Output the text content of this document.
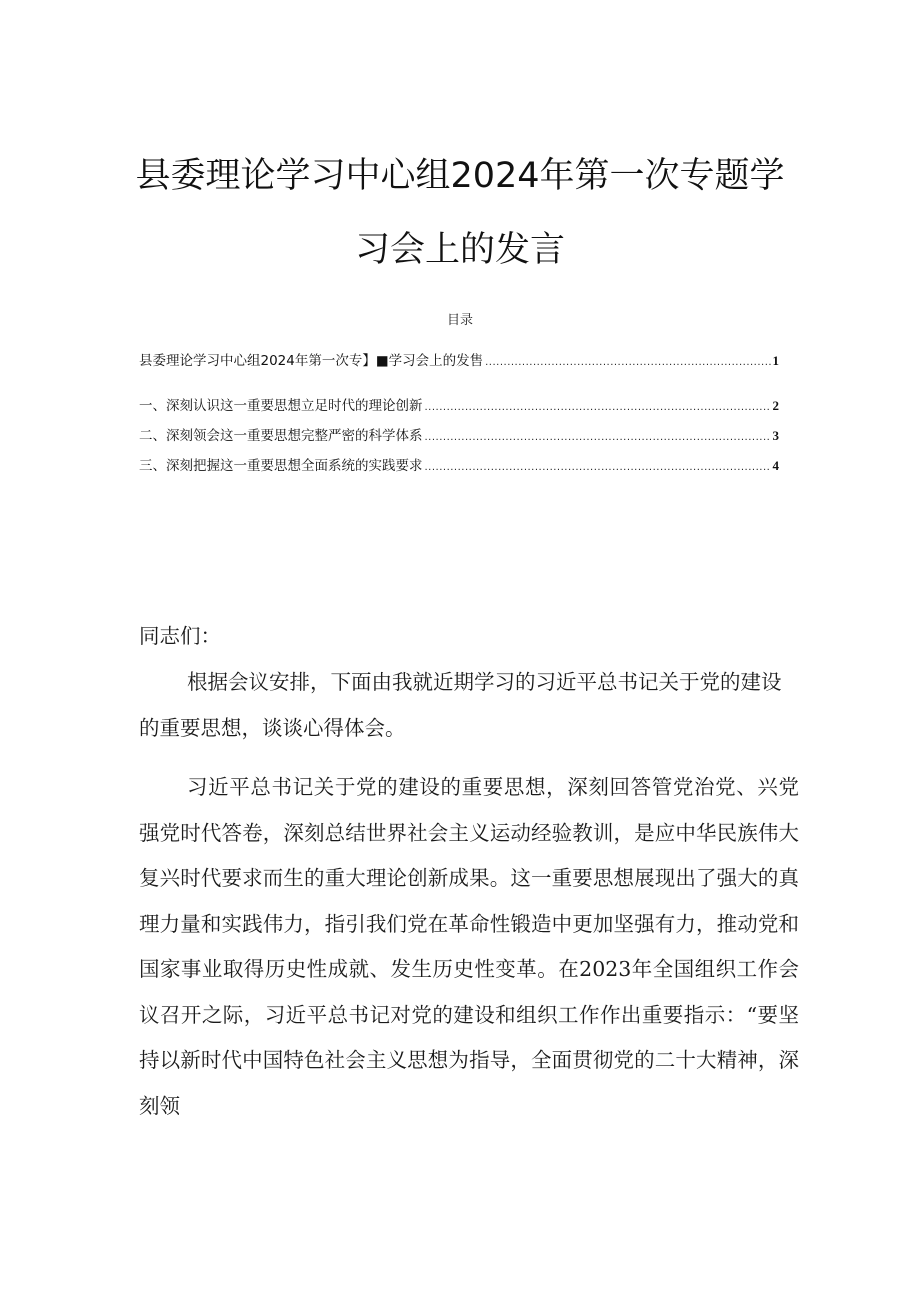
县委理论学习中心组2024年第一次专题学
习会上的发言
目录
县委理论学习中心组2024年第一次专】■学习会上的发售 .....	1
一、深刻认识这一重要思想立足时代的理论创新 .....	2
二、深刻领会这一重要思想完整严密的科学体系 .....	3
三、深刻把握这一重要思想全面系统的实践要求 .....	4
同志们：
根据会议安排，下面由我就近期学习的习近平总书记关于党的建设的重要思想，谈谈心得体会。
习近平总书记关于党的建设的重要思想，深刻回答管党治党、兴党强党时代答卷，深刻总结世界社会主义运动经验教训，是应中华民族伟大复兴时代要求而生的重大理论创新成果。这一重要思想展现出了强大的真理力量和实践伟力，指引我们党在革命性锻造中更加坚强有力，推动党和国家事业取得历史性成就、发生历史性变革。在2023年全国组织工作会议召开之际，习近平总书记对党的建设和组织工作作出重要指示：“要坚持以新时代中国特色社会主义思想为指导，全面贯彻党的二十大精神，深刻领
